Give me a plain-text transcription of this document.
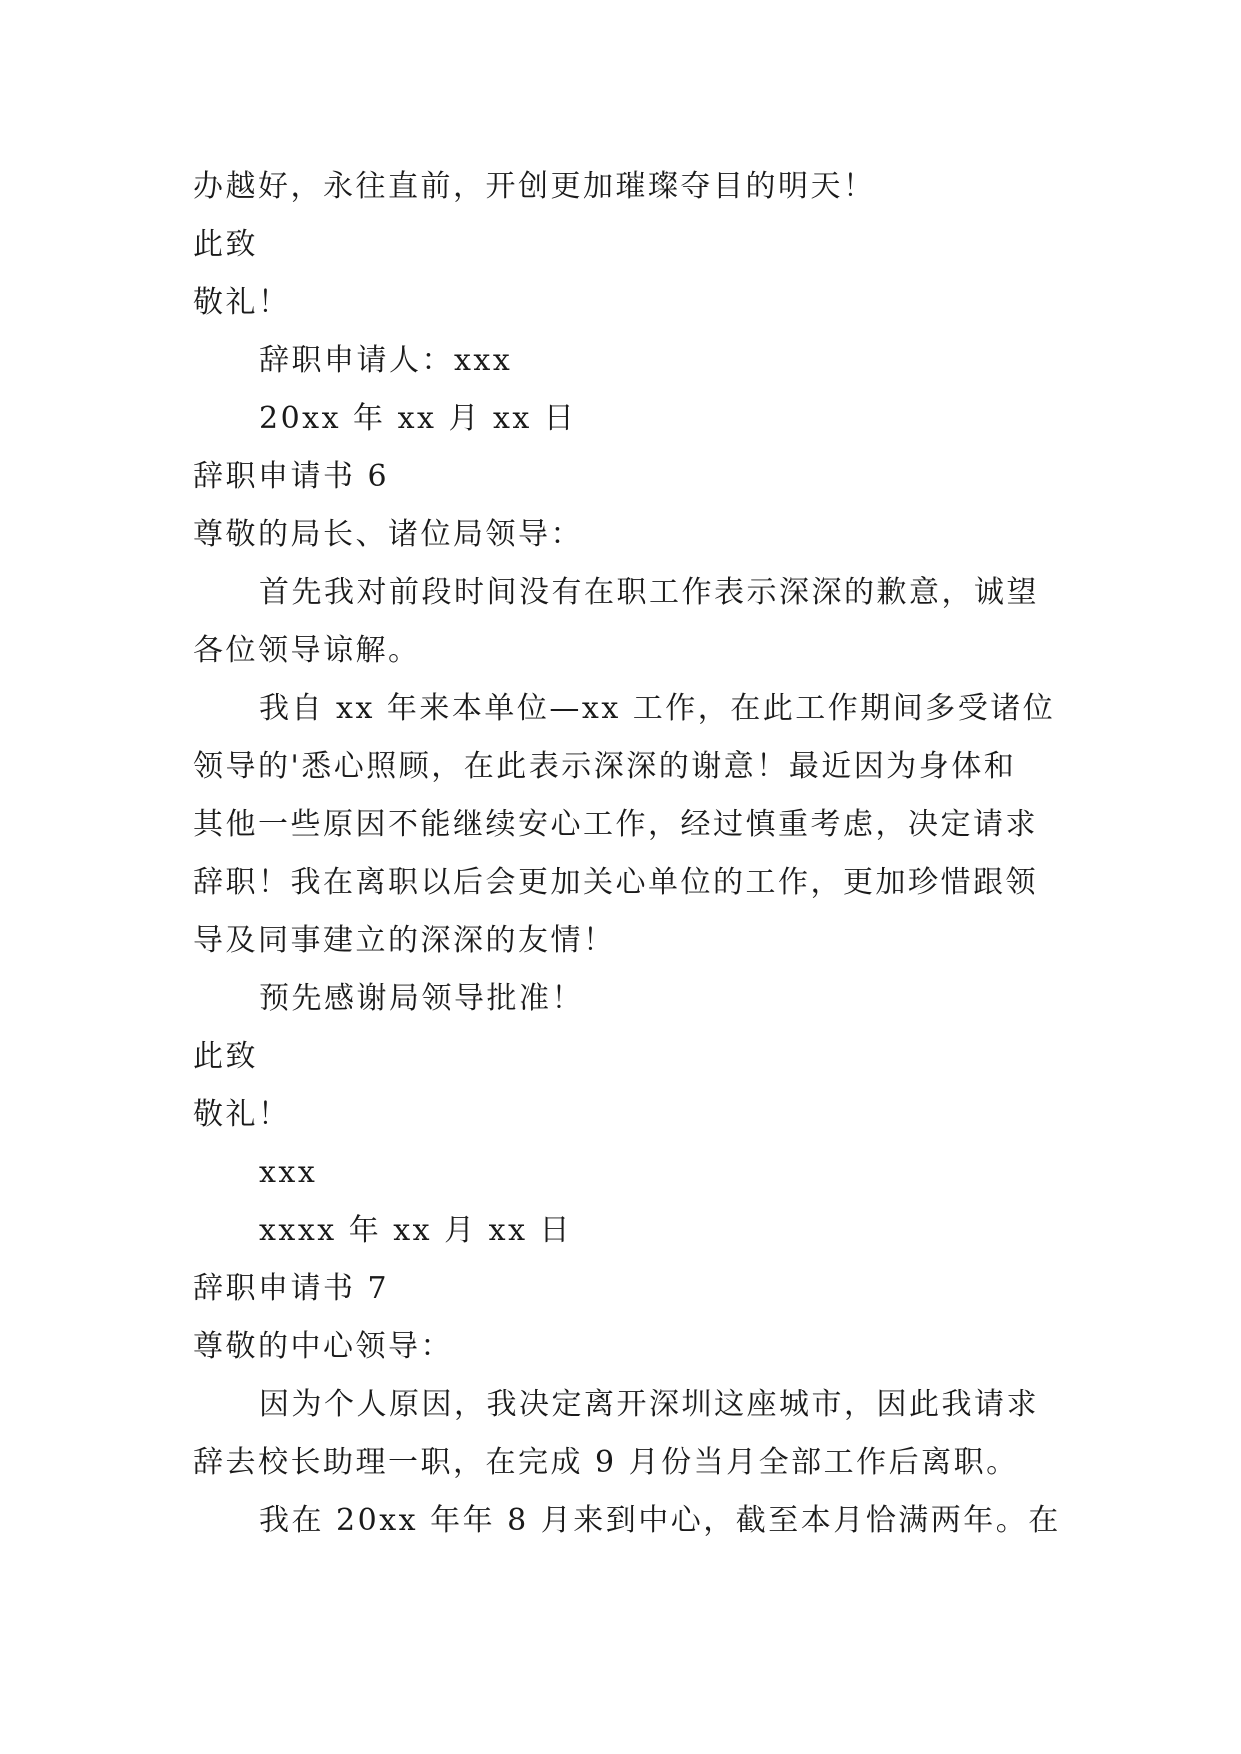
办越好，永往直前，开创更加璀璨夺目的明天！
此致
敬礼！
辞职申请人：xxx
20xx 年 xx 月 xx 日
辞职申请书 6
尊敬的局长、诸位局领导：
首先我对前段时间没有在职工作表示深深的歉意，诚望
各位领导谅解。
我自 xx 年来本单位—xx 工作，在此工作期间多受诸位
领导的'悉心照顾，在此表示深深的谢意！最近因为身体和
其他一些原因不能继续安心工作，经过慎重考虑，决定请求
辞职！我在离职以后会更加关心单位的工作，更加珍惜跟领
导及同事建立的深深的友情！
预先感谢局领导批准！
此致
敬礼！
xxx
xxxx 年 xx 月 xx 日
辞职申请书 7
尊敬的中心领导：
因为个人原因，我决定离开深圳这座城市，因此我请求
辞去校长助理一职，在完成 9 月份当月全部工作后离职。
我在 20xx 年年 8 月来到中心，截至本月恰满两年。在
